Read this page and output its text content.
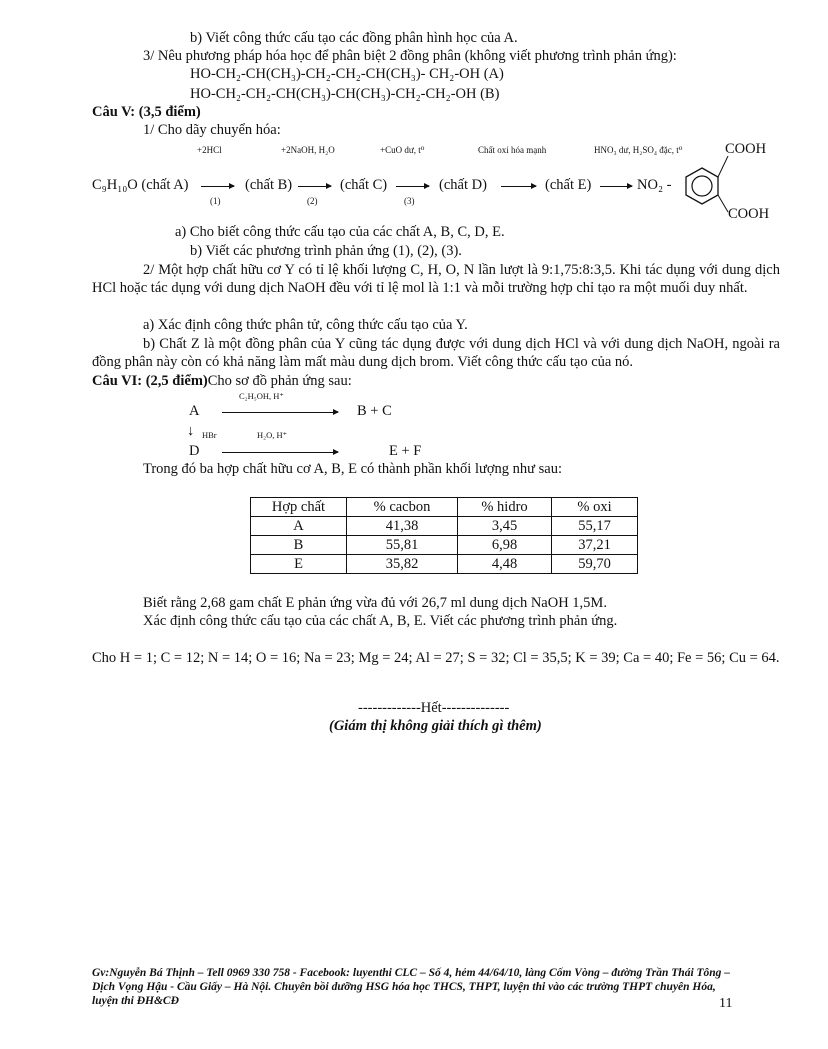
b) Viết công thức cấu tạo các đồng phân hình học của A.
3/ Nêu phương pháp hóa học để phân biệt 2 đồng phân (không viết phương trình phản ứng):
HO-CH₂-CH(CH₃)-CH₂-CH₂-CH(CH₃)- CH₂-OH (A)
HO-CH₂-CH₂-CH(CH₃)-CH(CH₃)-CH₂-CH₂-OH (B)
Câu V: (3,5 điểm)
1/ Cho dãy chuyển hóa:
+2HCl	+2NaOH, H₂O	+CuO dư, t⁰	Chất oxi hóa mạnh	HNO₃ dư, H₂SO₄ đặc, t⁰
C₉H₁₀O (chất A)	(chất B)	(chất C)	(chất D)	(chất E)	NO₂ -
COOH
COOH
(1)	(2)	(3)
a) Cho biết công thức cấu tạo của các chất A, B, C, D, E.
b) Viết các phương trình phản ứng (1), (2), (3).
2/ Một hợp chất hữu cơ Y có tỉ lệ khối lượng C, H, O, N lần lượt là 9:1,75:8:3,5. Khi tác dụng với dung dịch HCl hoặc tác dụng với dung dịch NaOH đều với tỉ lệ mol là 1:1 và mỗi trường hợp chỉ tạo ra một muối duy nhất.
a) Xác định công thức phân tử, công thức cấu tạo của Y.
b) Chất Z là một đồng phân của Y cũng tác dụng được với dung dịch HCl và với dung dịch NaOH, ngoài ra đồng phân này còn có khả năng làm mất màu dung dịch brom. Viết công thức cấu tạo của nó.
Câu VI: (2,5 điểm)Cho sơ đồ phản ứng sau:
C₂H₅OH, H⁺
A	B + C
↓ HBr	H₂O, H⁺
D	E + F
Trong đó ba hợp chất hữu cơ A, B, E có thành phần khối lượng như sau:
Hợp chất	% cacbon	% hidro	% oxi
A	41,38	3,45	55,17
B	55,81	6,98	37,21
E	35,82	4,48	59,70
Biết rằng 2,68 gam chất E phản ứng vừa đủ với 26,7 ml dung dịch NaOH 1,5M.
Xác định công thức cấu tạo của các chất A, B, E. Viết các phương trình phản ứng.
Cho H = 1; C = 12; N = 14; O = 16; Na = 23; Mg = 24; Al = 27; S = 32; Cl = 35,5; K = 39; Ca = 40; Fe = 56; Cu = 64.
-------------Hết--------------
(Giám thị không giải thích gì thêm)
Gv:Nguyễn Bá Thịnh – Tell 0969 330 758 - Facebook: luyenthi CLC – Số 4, hẻm 44/64/10, làng Cốm Vòng – đường Trần Thái Tông – Dịch Vọng Hậu - Cầu Giấy – Hà Nội. Chuyên bồi dưỡng HSG hóa học THCS, THPT, luyện thi vào các trường THPT chuyên Hóa, luyện thi ĐH&CĐ	11
